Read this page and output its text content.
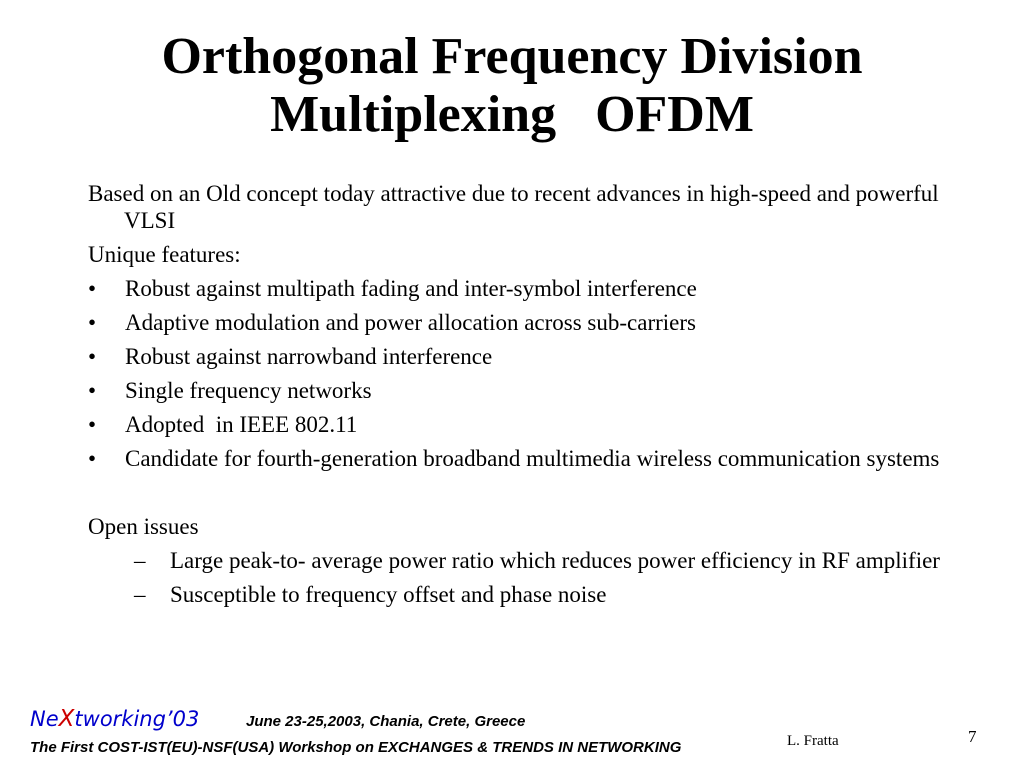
Orthogonal Frequency Division
Multiplexing   OFDM
Based on an Old concept today attractive due to recent advances in high-speed and powerful VLSI
Unique features:
• Robust against multipath fading and inter-symbol interference
• Adaptive modulation and power allocation across sub-carriers
• Robust against narrowband interference
• Single frequency networks
• Adopted  in IEEE 802.11
• Candidate for fourth-generation broadband multimedia wireless communication systems
Open issues
– Large peak-to- average power ratio which reduces power efficiency in RF amplifier
– Susceptible to frequency offset and phase noise
NeXtworking’03	June 23-25,2003, Chania, Crete, Greece
The First COST-IST(EU)-NSF(USA) Workshop on EXCHANGES & TRENDS IN NETWORKING	L. Fratta	7
